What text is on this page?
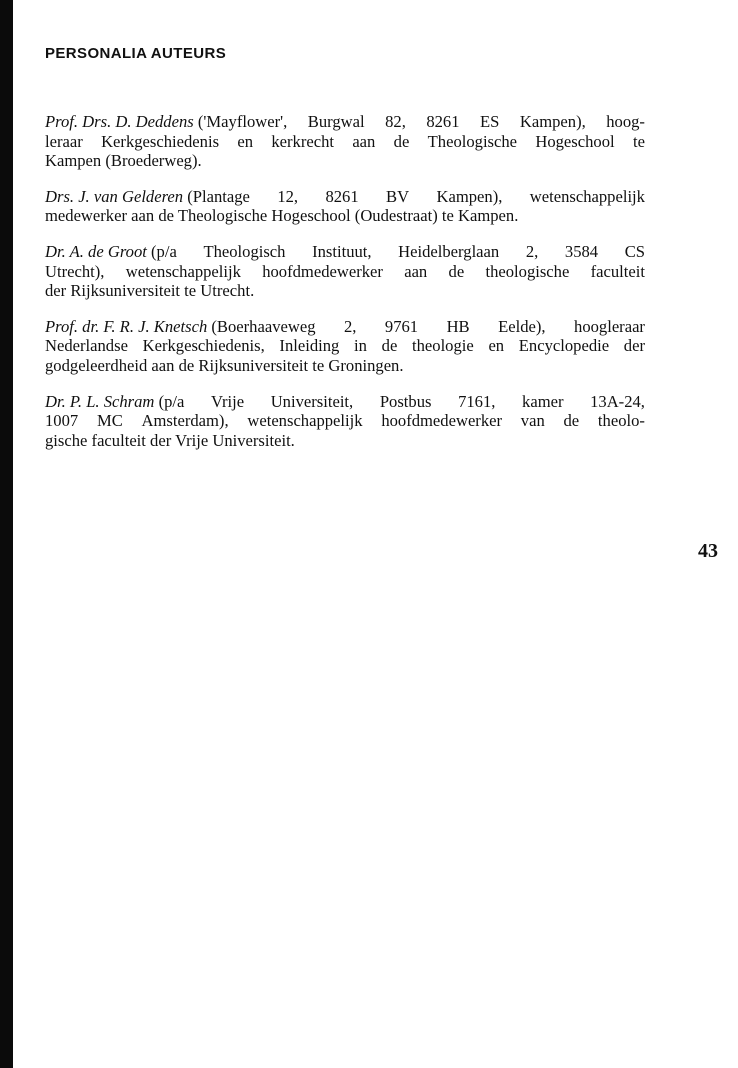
PERSONALIA AUTEURS
Prof. Drs. D. Deddens ('Mayflower', Burgwal 82, 8261 ES Kampen), hoog-
leraar Kerkgeschiedenis en kerkrecht aan de Theologische Hogeschool te
Kampen (Broederweg).
Drs. J. van Gelderen (Plantage 12, 8261 BV Kampen), wetenschappelijk
medewerker aan de Theologische Hogeschool (Oudestraat) te Kampen.
Dr. A. de Groot (p/a Theologisch Instituut, Heidelberglaan 2, 3584 CS
Utrecht), wetenschappelijk hoofdmedewerker aan de theologische faculteit
der Rijksuniversiteit te Utrecht.
Prof. dr. F. R. J. Knetsch (Boerhaaveweg 2, 9761 HB Eelde), hoogleraar
Nederlandse Kerkgeschiedenis, Inleiding in de theologie en Encyclopedie der
godgeleerdheid aan de Rijksuniversiteit te Groningen.
Dr. P. L. Schram (p/a Vrije Universiteit, Postbus 7161, kamer 13A-24,
1007 MC Amsterdam), wetenschappelijk hoofdmedewerker van de theolo-
gische faculteit der Vrije Universiteit.
43
